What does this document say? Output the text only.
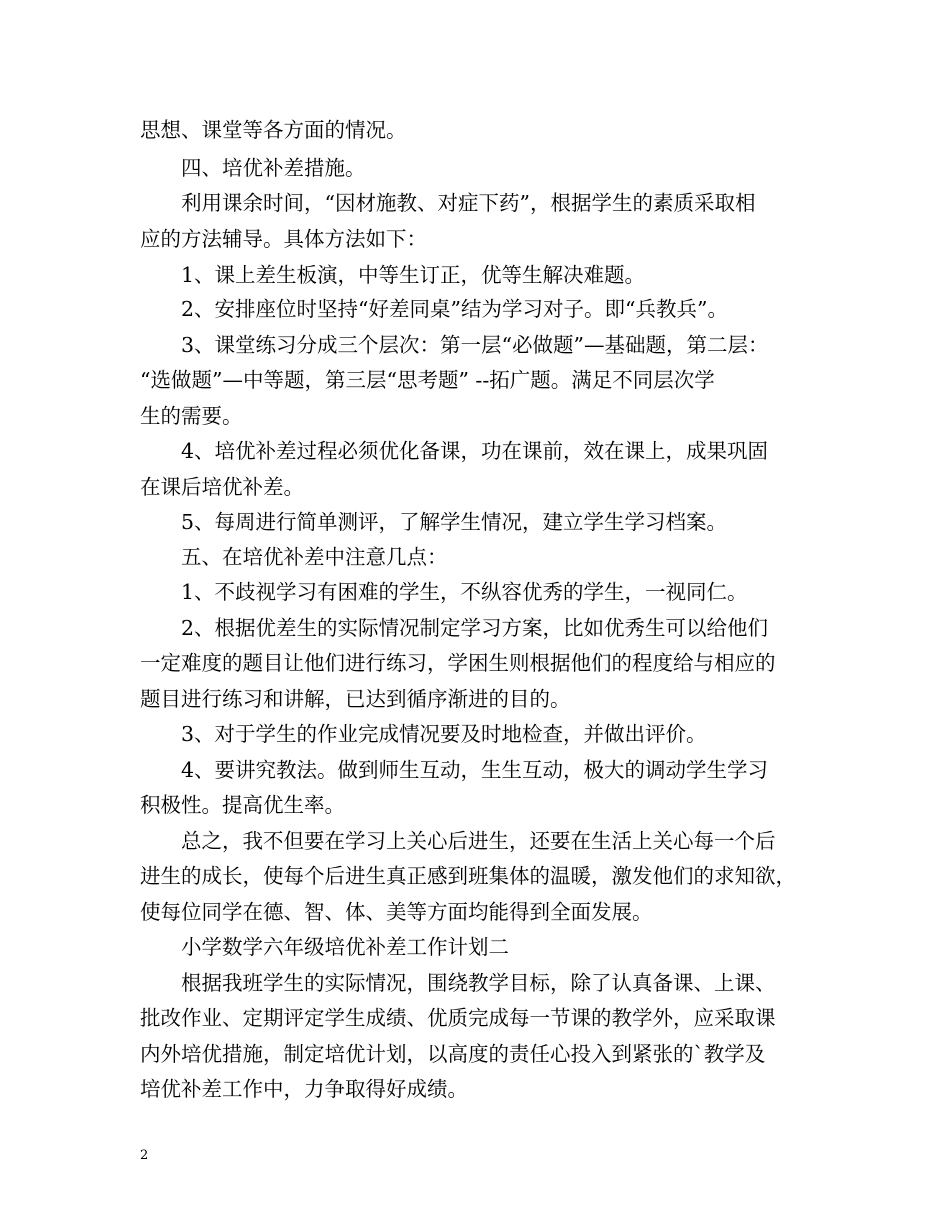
思想、课堂等各方面的情况。
四、培优补差措施。
利用课余时间，“因材施教、对症下药”，根据学生的素质采取相
应的方法辅导。具体方法如下：
1、课上差生板演，中等生订正，优等生解决难题。
2、安排座位时坚持“好差同桌”结为学习对子。即“兵教兵”。
3、课堂练习分成三个层次：第一层“必做题”—基础题，第二层：
“选做题”—中等题，第三层“思考题” --拓广题。满足不同层次学
生的需要。
4、培优补差过程必须优化备课，功在课前，效在课上，成果巩固
在课后培优补差。
5、每周进行简单测评，了解学生情况，建立学生学习档案。
五、在培优补差中注意几点：
1、不歧视学习有困难的学生，不纵容优秀的学生，一视同仁。
2、根据优差生的实际情况制定学习方案，比如优秀生可以给他们
一定难度的题目让他们进行练习，学困生则根据他们的程度给与相应的
题目进行练习和讲解，已达到循序渐进的目的。
3、对于学生的作业完成情况要及时地检查，并做出评价。
4、要讲究教法。做到师生互动，生生互动，极大的调动学生学习
积极性。提高优生率。
总之，我不但要在学习上关心后进生，还要在生活上关心每一个后
进生的成长，使每个后进生真正感到班集体的温暖，激发他们的求知欲，
使每位同学在德、智、体、美等方面均能得到全面发展。
小学数学六年级培优补差工作计划二
根据我班学生的实际情况，围绕教学目标，除了认真备课、上课、
批改作业、定期评定学生成绩、优质完成每一节课的教学外，应采取课
内外培优措施，制定培优计划，以高度的责任心投入到紧张的`教学及
培优补差工作中，力争取得好成绩。
2
